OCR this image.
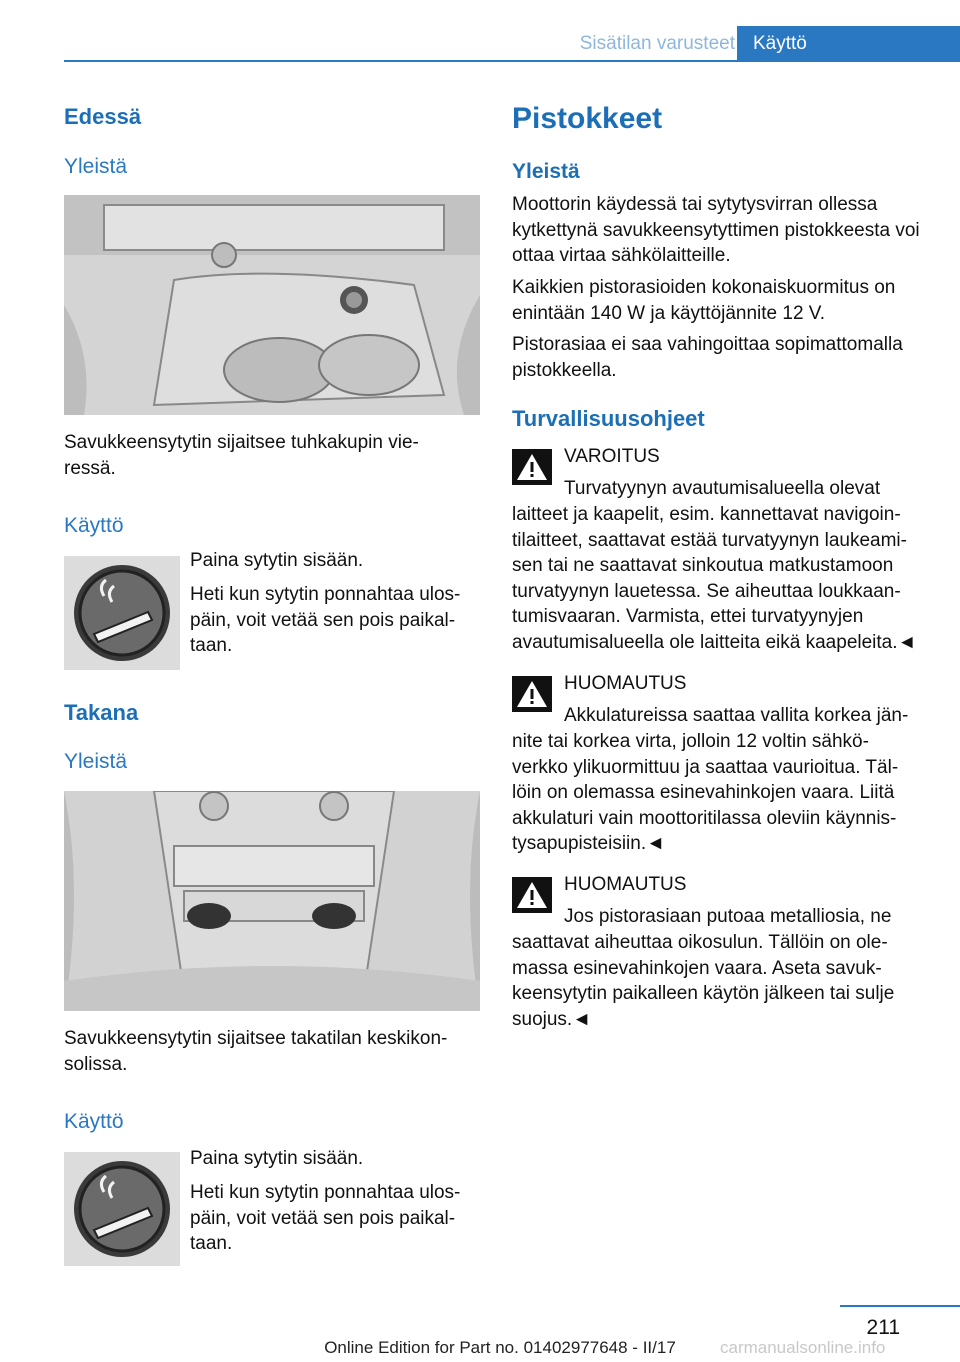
Sisätilan varusteet Käyttö
Edessä
Yleistä
Savukkeensytytin sijaitsee tuhkakupin vie‐
ressä.
Käyttö
Paina sytytin sisään.
Heti kun sytytin ponnahtaa ulos‐
päin, voit vetää sen pois paikal‐
taan.
Takana
Yleistä
Savukkeensytytin sijaitsee takatilan keskikon‐
solissa.
Käyttö
Paina sytytin sisään.
Heti kun sytytin ponnahtaa ulos‐
päin, voit vetää sen pois paikal‐
taan.
Pistokkeet
Yleistä
Moottorin käydessä tai sytytysvirran ollessa kytkettynä savukkeensytyttimen pistokkeesta voi ottaa virtaa sähkölaitteille.
Kaikkien pistorasioiden kokonaiskuormitus on enintään 140 W ja käyttöjännite 12 V.
Pistorasiaa ei saa vahingoittaa sopimattomalla pistokkeella.
Turvallisuusohjeet
VAROITUS
Turvatyynyn avautumisalueella olevat
laitteet ja kaapelit, esim. kannettavat navigoin‐
tilaitteet, saattavat estää turvatyynyn laukeami‐
sen tai ne saattavat sinkoutua matkustamoon
turvatyynyn lauetessa. Se aiheuttaa loukkaan‐
tumisvaaran. Varmista, ettei turvatyynyjen
avautumisalueella ole laitteita eikä kaapeleita.◄
HUOMAUTUS
Akkulatureissa saattaa vallita korkea jän‐
nite tai korkea virta, jolloin 12 voltin sähkö‐
verkko ylikuormittuu ja saattaa vaurioitua. Täl‐
löin on olemassa esinevahinkojen vaara. Liitä
akkulaturi vain moottoritilassa oleviin käynnis‐
tysapupisteisiin.◄
HUOMAUTUS
Jos pistorasiaan putoaa metalliosia, ne
saattavat aiheuttaa oikosulun. Tällöin on ole‐
massa esinevahinkojen vaara. Aseta savuk‐
keensytytin paikalleen käytön jälkeen tai sulje
suojus.◄
211
Online Edition for Part no. 01402977648 - II/17	carmanualsonline.info
